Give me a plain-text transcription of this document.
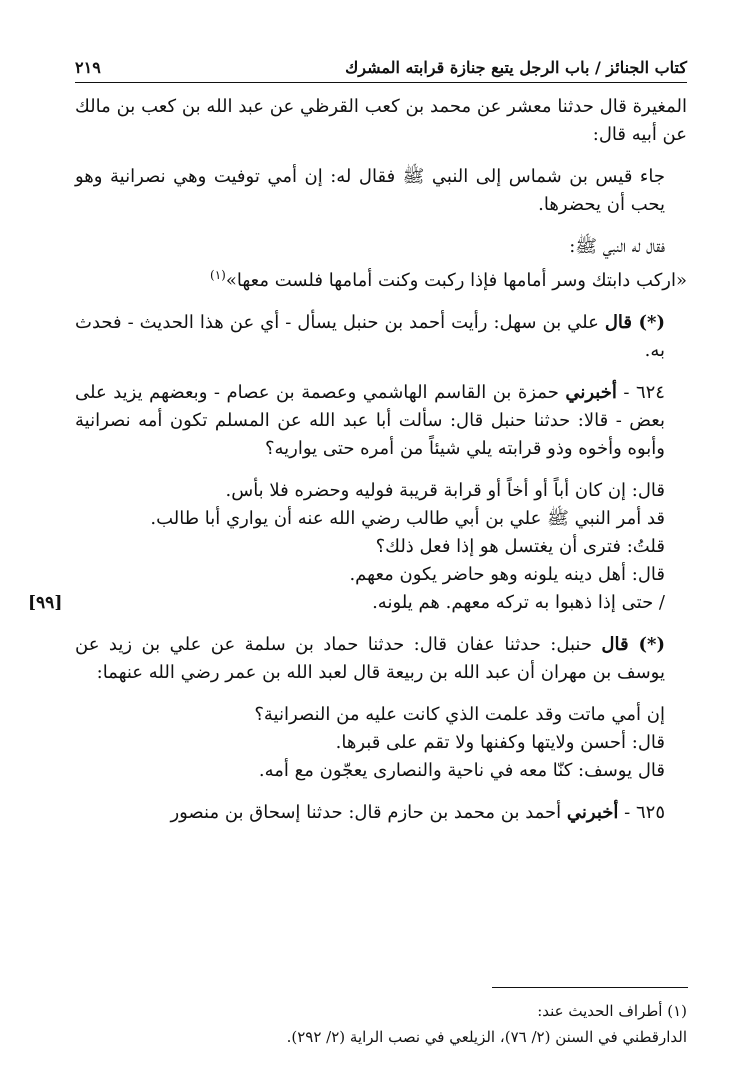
كتاب الجنائز / باب الرجل يتبع جنازة قرابته المشرك
٢١٩

المغيرة قال حدثنا معشر عن محمد بن كعب القرظي عن عبد الله بن كعب بن مالك عن أبيه قال:

جاء قيس بن شماس إلى النبي ﷺ فقال له: إن أمي توفيت وهي نصرانية وهو يحب أن يحضرها.

فقال له النبي ﷺ:

«اركب دابتك وسر أمامها فإذا ركبت وكنت أمامها فلست معها»$^{(١)}$

(*) قال علي بن سهل: رأيت أحمد بن حنبل يسأل - أي عن هذا الحديث - فحدث به.

٦٢٤ - أخبرني حمزة بن القاسم الهاشمي وعصمة بن عصام - وبعضهم يزيد على بعض - قالا: حدثنا حنبل قال: سألت أبا عبد الله عن المسلم تكون أمه نصرانية وأبوه وأخوه وذو قرابته يلي شيئاً من أمره حتى يواريه؟

قال: إن كان أباً أو أخاً أو قرابة قريبة فوليه وحضره فلا بأس.
قد أمر النبي ﷺ علي بن أبي طالب رضي الله عنه أن يواري أبا طالب.
قلتُ: فترى أن يغتسل هو إذا فعل ذلك؟
قال: أهل دينه يلونه وهو حاضر يكون معهم.
/ حتى إذا ذهبوا به تركه معهم. هم يلونه.
[٩٩]

(*) قال حنبل: حدثنا عفان قال: حدثنا حماد بن سلمة عن علي بن زيد عن يوسف بن مهران أن عبد الله بن ربيعة قال لعبد الله بن عمر رضي الله عنهما:

إن أمي ماتت وقد علمت الذي كانت عليه من النصرانية؟
قال: أحسن ولايتها وكفنها ولا تقم على قبرها.
قال يوسف: كنّا معه في ناحية والنصارى يعجّون مع أمه.

٦٢٥ - أخبرني أحمد بن محمد بن حازم قال: حدثنا إسحاق بن منصور

(١) أطراف الحديث عند:
الدارقطني في السنن (٢/ ٧٦)، الزيلعي في نصب الراية (٢/ ٢٩٢).
